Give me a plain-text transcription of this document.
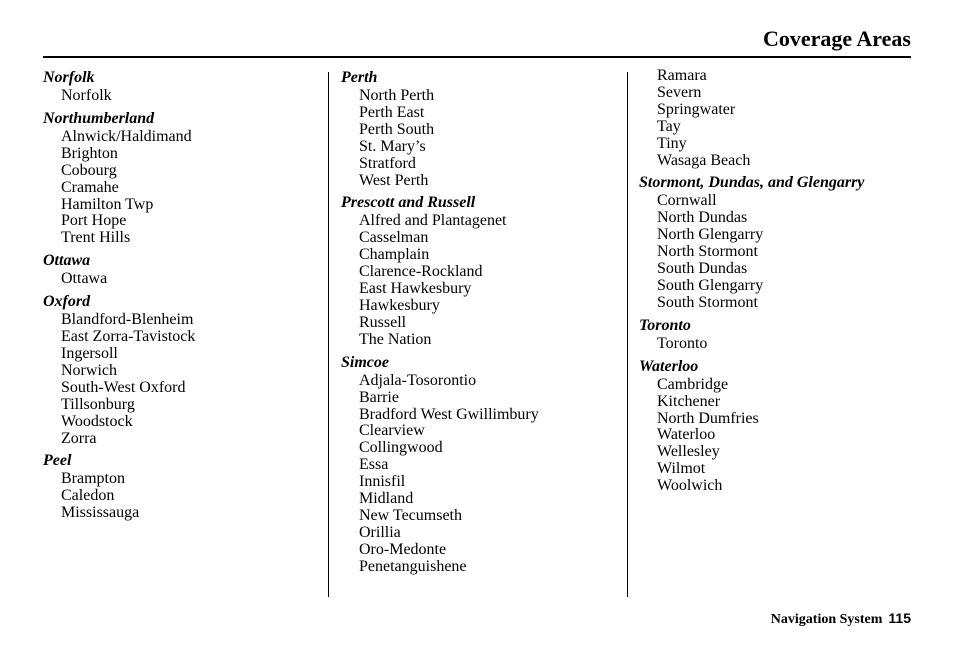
Coverage Areas
Norfolk
Norfolk
Northumberland
Alnwick/Haldimand
Brighton
Cobourg
Cramahe
Hamilton Twp
Port Hope
Trent Hills
Ottawa
Ottawa
Oxford
Blandford-Blenheim
East Zorra-Tavistock
Ingersoll
Norwich
South-West Oxford
Tillsonburg
Woodstock
Zorra
Peel
Brampton
Caledon
Mississauga
Perth
North Perth
Perth East
Perth South
St. Mary’s
Stratford
West Perth
Prescott and Russell
Alfred and Plantagenet
Casselman
Champlain
Clarence-Rockland
East Hawkesbury
Hawkesbury
Russell
The Nation
Simcoe
Adjala-Tosorontio
Barrie
Bradford West Gwillimbury
Clearview
Collingwood
Essa
Innisfil
Midland
New Tecumseth
Orillia
Oro-Medonte
Penetanguishene
Ramara
Severn
Springwater
Tay
Tiny
Wasaga Beach
Stormont, Dundas, and Glengarry
Cornwall
North Dundas
North Glengarry
North Stormont
South Dundas
South Glengarry
South Stormont
Toronto
Toronto
Waterloo
Cambridge
Kitchener
North Dumfries
Waterloo
Wellesley
Wilmot
Woolwich
Navigation System 115
